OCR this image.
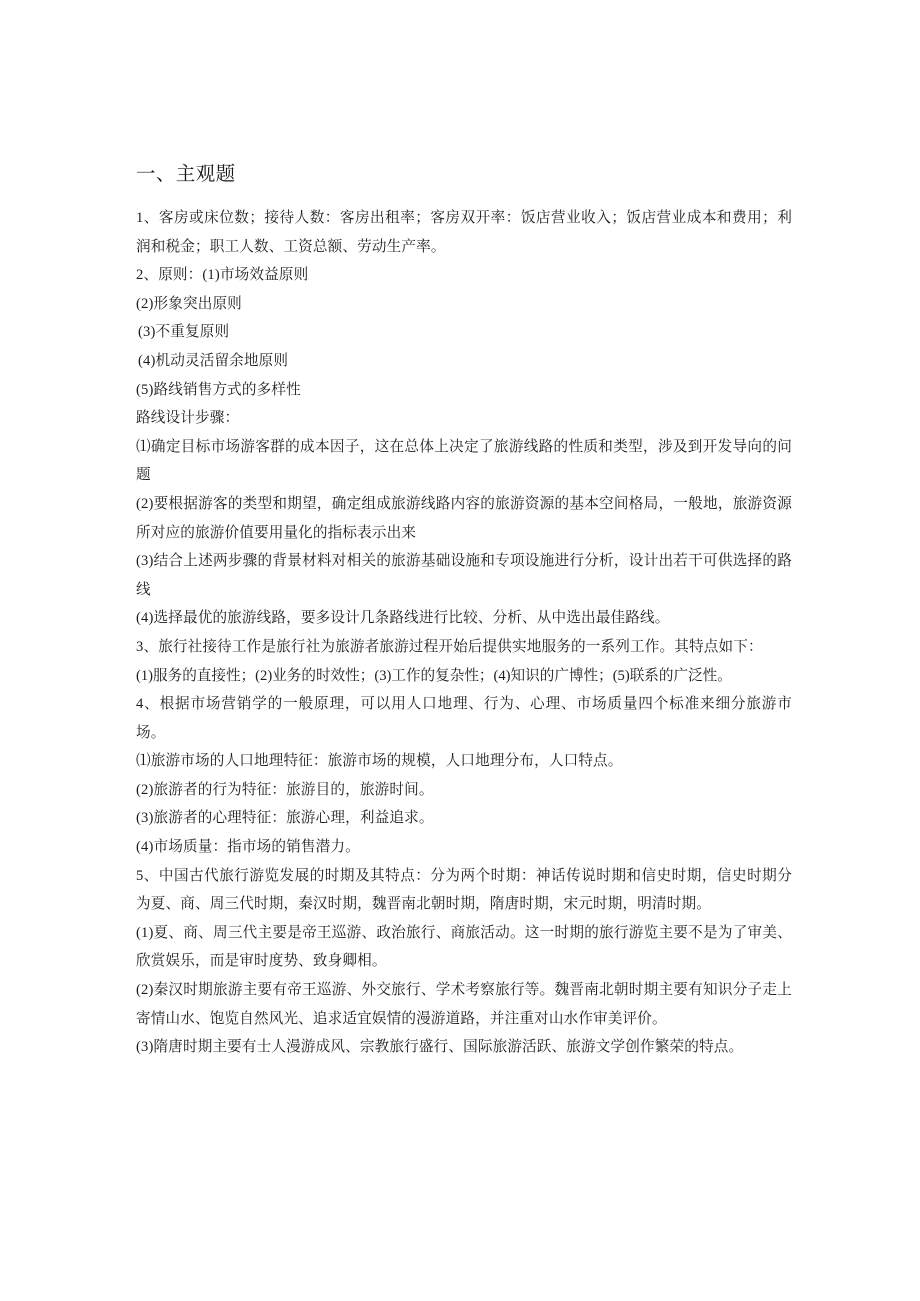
一、主观题

1、客房或床位数；接待人数：客房出租率；客房双开率：饭店营业收入；饭店营业成本和费用；利润和税金；职工人数、工资总额、劳动生产率。

2、原则：(1)市场效益原则

(2)形象突出原则

(3)不重复原则

(4)机动灵活留余地原则

(5)路线销售方式的多样性

路线设计步骤：

⑴确定目标市场游客群的成本因子，这在总体上决定了旅游线路的性质和类型，涉及到开发导向的问题

(2)要根据游客的类型和期望，确定组成旅游线路内容的旅游资源的基本空间格局，一般地，旅游资源所对应的旅游价值要用量化的指标表示出来

(3)结合上述两步骤的背景材料对相关的旅游基础设施和专项设施进行分析，设计出若干可供选择的路线

(4)选择最优的旅游线路，要多设计几条路线进行比较、分析、从中选出最佳路线。

3、旅行社接待工作是旅行社为旅游者旅游过程开始后提供实地服务的一系列工作。其特点如下：

(1)服务的直接性；(2)业务的时效性；(3)工作的复杂性；(4)知识的广博性；(5)联系的广泛性。

4、根据市场营销学的一般原理，可以用人口地理、行为、心理、市场质量四个标准来细分旅游市场。

⑴旅游市场的人口地理特征：旅游市场的规模，人口地理分布，人口特点。

(2)旅游者的行为特征：旅游目的，旅游时间。

(3)旅游者的心理特征：旅游心理，利益追求。

(4)市场质量：指市场的销售潜力。

5、中国古代旅行游览发展的时期及其特点：分为两个时期：神话传说时期和信史时期，信史时期分为夏、商、周三代时期，秦汉时期，魏晋南北朝时期，隋唐时期，宋元时期，明清时期。

(1)夏、商、周三代主要是帝王巡游、政治旅行、商旅活动。这一时期的旅行游览主要不是为了审美、欣赏娱乐，而是审时度势、致身卿相。

(2)秦汉时期旅游主要有帝王巡游、外交旅行、学术考察旅行等。魏晋南北朝时期主要有知识分子走上寄情山水、饱览自然风光、追求适宜娱情的漫游道路，并注重对山水作审美评价。

(3)隋唐时期主要有士人漫游成风、宗教旅行盛行、国际旅游活跃、旅游文学创作繁荣的特点。
